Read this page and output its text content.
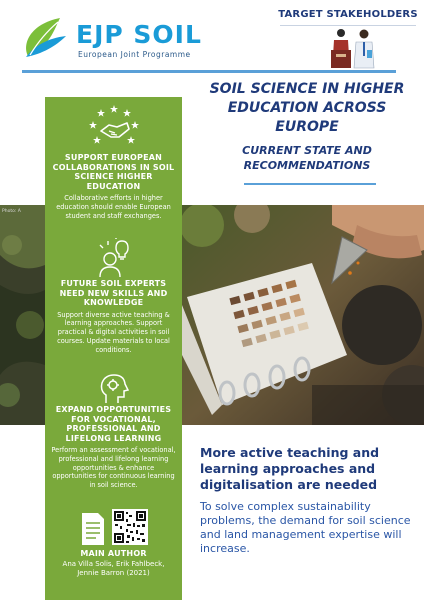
EJP SOIL
European Joint Programme
TARGET STAKEHOLDERS
Photo: A
SUPPORT EUROPEAN COLLABORATIONS IN SOIL SCIENCE HIGHER EDUCATION
Collaborative efforts in higher education should enable European student and staff exchanges.
FUTURE SOIL EXPERTS NEED NEW SKILLS AND KNOWLEDGE
Support diverse active teaching & learning approaches. Support practical & digital activities in soil courses. Update materials to local conditions.
EXPAND OPPORTUNITIES FOR VOCATIONAL, PROFESSIONAL AND LIFELONG LEARNING
Perform an assessment of vocational, professional and lifelong learning opportunities & enhance opportunities for continuous learning in soil science.
MAIN AUTHOR
Ana Villa Solis, Erik Fahlbeck, Jennie Barron (2021)
SOIL SCIENCE IN HIGHER EDUCATION ACROSS EUROPE
CURRENT STATE AND RECOMMENDATIONS
More active teaching and learning approaches and digitalisation are needed
To solve complex sustainability problems, the demand for soil science and land management expertise will increase.
